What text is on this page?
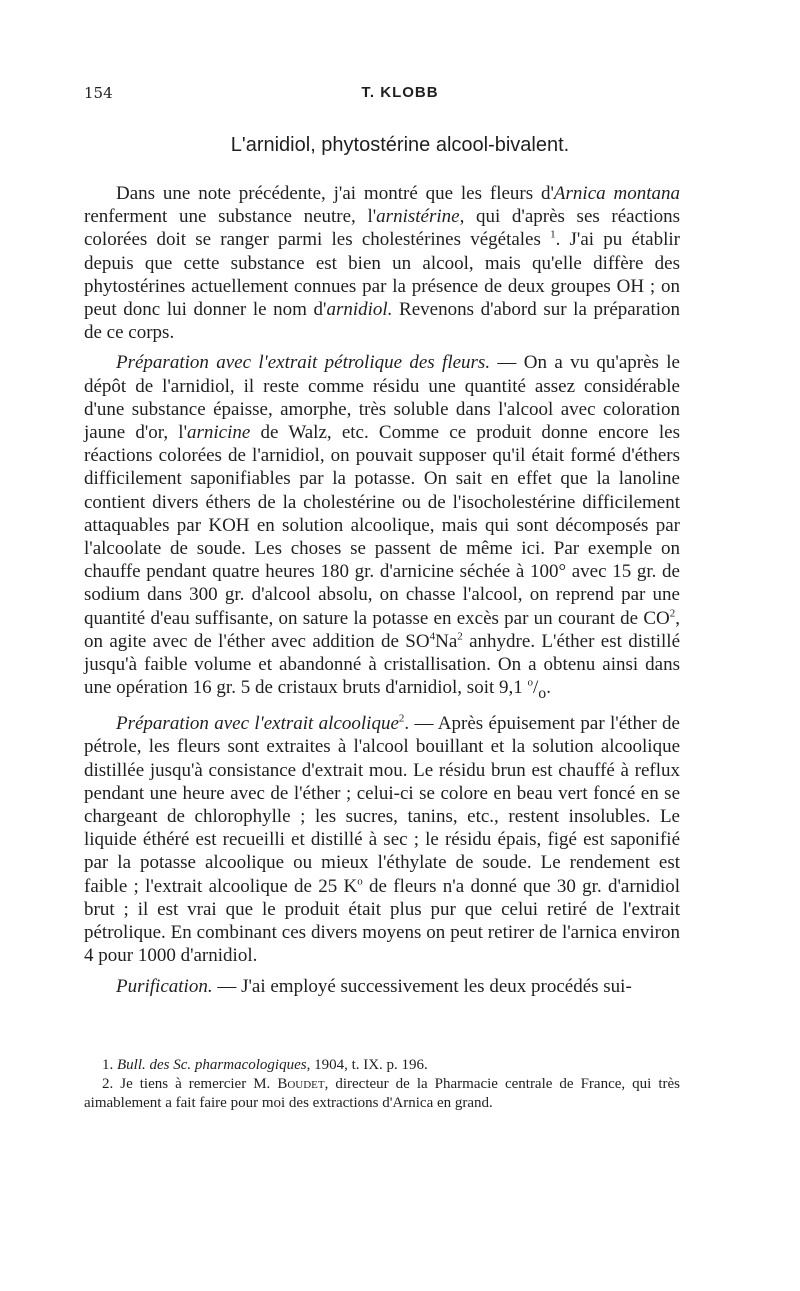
154	T. KLOBB
L'arnidiol, phytostérine alcool-bivalent.

Dans une note précédente, j'ai montré que les fleurs d'Arnica montana renferment une substance neutre, l'arnistérine, qui d'après ses réactions colorées doit se ranger parmi les cholestérines végétales $^1$. J'ai pu établir depuis que cette substance est bien un alcool, mais qu'elle diffère des phytostérines actuellement connues par la présence de deux groupes OH ; on peut donc lui donner le nom d'arnidiol. Revenons d'abord sur la préparation de ce corps.

Préparation avec l'extrait pétrolique des fleurs. — On a vu qu'après le dépôt de l'arnidiol, il reste comme résidu une quantité assez considérable d'une substance épaisse, amorphe, très soluble dans l'alcool avec coloration jaune d'or, l'arnicine de Walz, etc. Comme ce produit donne encore les réactions colorées de l'arnidiol, on pouvait supposer qu'il était formé d'éthers difficilement saponifiables par la potasse. On sait en effet que la lanoline contient divers éthers de la cholestérine ou de l'isocholestérine difficilement attaquables par KOH en solution alcoolique, mais qui sont décomposés par l'alcoolate de soude. Les choses se passent de même ici. Par exemple on chauffe pendant quatre heures 180 gr. d'arnicine séchée à 100° avec 15 gr. de sodium dans 300 gr. d'alcool absolu, on chasse l'alcool, on reprend par une quantité d'eau suffisante, on sature la potasse en excès par un courant de $CO^2$, on agite avec de l'éther avec addition de $SO^4Na^2$ anhydre. L'éther est distillé jusqu'à faible volume et abandonné à cristallisation. On a obtenu ainsi dans une opération 16 gr. 5 de cristaux bruts d'arnidiol, soit 9,1 $^o/_o$.

Préparation avec l'extrait alcoolique$^2$. — Après épuisement par l'éther de pétrole, les fleurs sont extraites à l'alcool bouillant et la solution alcoolique distillée jusqu'à consistance d'extrait mou. Le résidu brun est chauffé à reflux pendant une heure avec de l'éther ; celui-ci se colore en beau vert foncé en se chargeant de chlorophylle ; les sucres, tanins, etc., restent insolubles. Le liquide éthéré est recueilli et distillé à sec ; le résidu épais, figé est saponifié par la potasse alcoolique ou mieux l'éthylate de soude. Le rendement est faible ; l'extrait alcoolique de 25 $K^o$ de fleurs n'a donné que 30 gr. d'arnidiol brut ; il est vrai que le produit était plus pur que celui retiré de l'extrait pétrolique. En combinant ces divers moyens on peut retirer de l'arnica environ 4 pour 1000 d'arnidiol.

Purification. — J'ai employé successivement les deux procédés sui-

1. Bull. des Sc. pharmacologiques, 1904, t. IX. p. 196.

2. Je tiens à remercier M. Boudet, directeur de la Pharmacie centrale de France, qui très aimablement a fait faire pour moi des extractions d'Arnica en grand.
